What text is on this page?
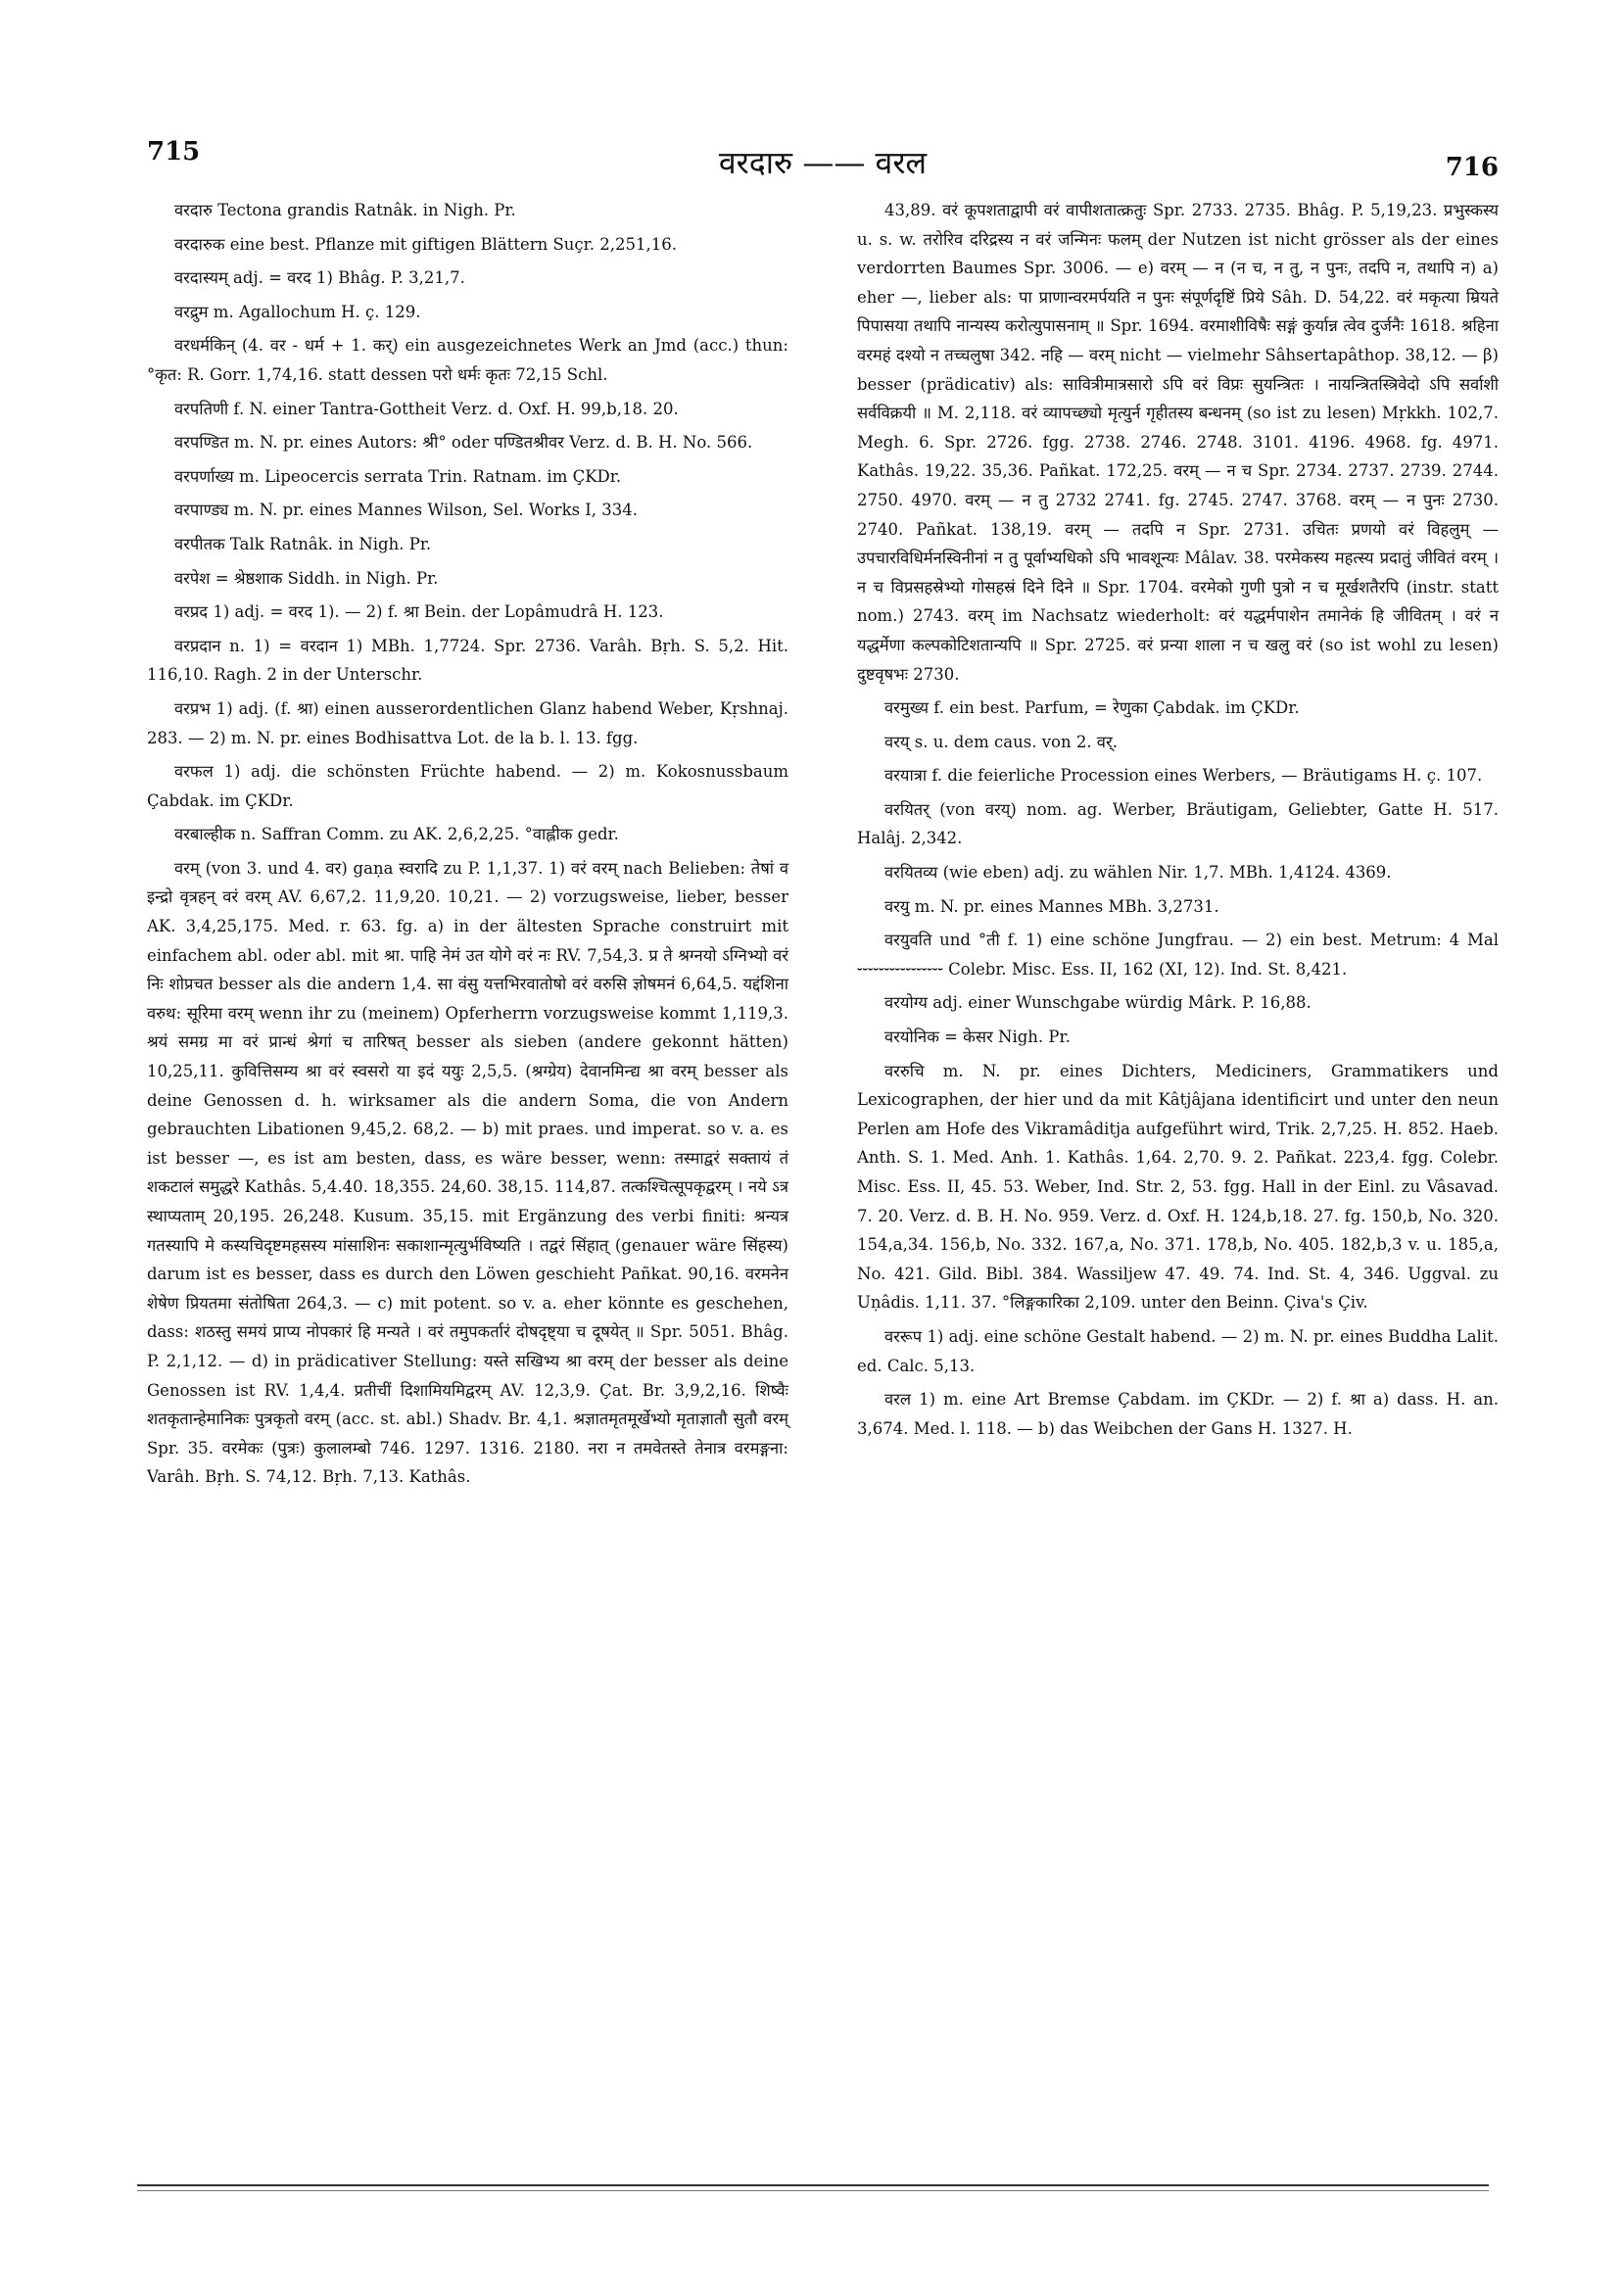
715	वरदारु —— वरल	716

वरदारु Tectona grandis Ratnâk. in Nigh. Pr.

वरदारुक eine best. Pflanze mit giftigen Blättern Suçr. 2,251,16.

वरदास्यम् adj. = वरद 1) Bhâg. P. 3,21,7.

वरद्रुम m. Agallochum H. ç. 129.

वरधर्मकिन् (4. वर - धर्म + 1. कर्) ein ausgezeichnetes Werk an Jmd (acc.) thun: °कृत: R. Gorr. 1,74,16. statt dessen परो धर्मः कृतः 72,15 Schl.

वरपतिणी f. N. einer Tantra-Gottheit Verz. d. Oxf. H. 99,b,18. 20.

वरपण्डित m. N. pr. eines Autors: श्री° oder पण्डितश्रीवर Verz. d. B. H. No. 566.

वरपर्णाख्य m. Lipeocercis serrata Trin. Ratnam. im ÇKDr.

वरपाण्ड्य m. N. pr. eines Mannes Wilson, Sel. Works I, 334.

वरपीतक Talk Ratnâk. in Nigh. Pr.

वरपेश = श्रेष्ठशाक Siddh. in Nigh. Pr.

वरप्रद 1) adj. = वरद 1). — 2) f. श्रा Bein. der Lopâmudrâ H. 123.

वरप्रदान n. 1) = वरदान 1) MBh. 1,7724. Spr. 2736. Varâh. Bṛh. S. 5,2. Hit. 116,10. Ragh. 2 in der Unterschr.

वरप्रभ 1) adj. (f. श्रा) einen ausserordentlichen Glanz habend Weber, Kṛshnaj. 283. — 2) m. N. pr. eines Bodhisattva Lot. de la b. l. 13. fgg.

वरफल 1) adj. die schönsten Früchte habend. — 2) m. Kokosnussbaum Çabdak. im ÇKDr.

वरबाल्हीक n. Saffran Comm. zu AK. 2,6,2,25. °वाह्लीक gedr.

वरम् (von 3. und 4. वर) gaṇa स्वरादि zu P. 1,1,37. 1) वरं वरम् nach Belieben: तेषां व इन्द्रो वृत्रहन् वरं वरम् AV. 6,67,2. 11,9,20. 10,21. — 2) vorzugsweise, lieber, besser AK. 3,4,25,175. Med. r. 63. fg. a) in der ältesten Sprache construirt mit einfachem abl. oder abl. mit श्रा. पाहि नेमं उत योगे वरं नः RV. 7,54,3. प्र ते श्रग्नयो ऽग्निभ्यो वरं निः शोप्रचत besser als die andern 1,4. सा वंसु यत्तभिरवातोषो वरं वरुसि ज्ञोषमनं 6,64,5. यद्दंशिना वरुथ: सूरिमा वरम् wenn ihr zu (meinem) Opferherrn vorzugsweise kommt 1,119,3. श्रयं समग्र मा वरं प्रान्धं श्रेगां च तारिषत् besser als sieben (andere gekonnt hätten) 10,25,11. कुवित्तिसम्य श्रा वरं स्वसरो या इदं ययुः 2,5,5. (श्रग्ग्रेय) देवानमिन्द्य श्रा वरम् besser als deine Genossen d. h. wirksamer als die andern Soma, die von Andern gebrauchten Libationen 9,45,2. 68,2. — b) mit praes. und imperat. so v. a. es ist besser —, es ist am besten, dass, es wäre besser, wenn: तस्माद्वरं सक्तायं तं शकटालं समुद्धरे Kathâs. 5,4.40. 18,355. 24,60. 38,15. 114,87. तत्कश्चित्सूपकृद्वरम् । नये ऽत्र स्थाप्यताम् 20,195. 26,248. Kusum. 35,15. mit Ergänzung des verbi finiti: श्रन्यत्र गतस्यापि मे कस्यचिदृष्टमहसस्य मांसाशिनः सकाशान्मृत्युर्भविष्यति । तद्वरं सिंहात् (genauer wäre सिंहस्य) darum ist es besser, dass es durch den Löwen geschieht Pañkat. 90,16. वरमनेन शेषेण प्रियतमा संतोषिता 264,3. — c) mit potent. so v. a. eher könnte es geschehen, dass: शठस्तु समयं प्राप्य नोपकारं हि मन्यते । वरं तमुपकर्तारं दोषदृष्ट्या च दूषयेत् ॥ Spr. 5051. Bhâg. P. 2,1,12. — d) in prädicativer Stellung: यस्ते सखिभ्य श्रा वरम् der besser als deine Genossen ist RV. 1,4,4. प्रतीचीं दिशामियमिद्वरम् AV. 12,3,9. Çat. Br. 3,9,2,16. शिष्वैः शतकृतान्हेमानिकः पुत्रकृतो वरम् (acc. st. abl.) Shadv. Br. 4,1. श्रज्ञातमृतमूर्खेभ्यो मृताज्ञातौ सुतौ वरम् Spr. 35. वरमेकः (पुत्रः) कुलालम्बो 746. 1297. 1316. 2180. नरा न तमवेतस्ते तेनात्र वरमङ्गना: Varâh. Bṛh. S. 74,12. Bṛh. 7,13. Kathâs.

43,89. वरं कूपशताद्वापी वरं वापीशतात्क्रतुः Spr. 2733. 2735. Bhâg. P. 5,19,23. प्रभुस्कस्य u. s. w. तरोरिव दरिद्रस्य न वरं जन्मिनः फलम् der Nutzen ist nicht grösser als der eines verdorrten Baumes Spr. 3006. — e) वरम् — न (न च, न तु, न पुनः, तदपि न, तथापि न) a) eher —, lieber als: पा प्राणान्वरमर्पयति न पुनः संपूर्णदृष्टिं प्रिये Sâh. D. 54,22. वरं मकृत्या म्रियते पिपासया तथापि नान्यस्य करोत्युपासनाम् ॥ Spr. 1694. वरमाशीविषैः सङ्गं कुर्यान्न त्वेव दुर्जनैः 1618. श्रहिना वरमहं दश्यो न तच्चलुषा 342. नहि — वरम् nicht — vielmehr Sâhsertapâthop. 38,12. — β) besser (prädicativ) als: सावित्रीमात्रसारो ऽपि वरं विप्रः सुयन्त्रितः । नायन्त्रितस्त्रिवेदो ऽपि सर्वाशी सर्वविक्रयी ॥ M. 2,118. वरं व्यापच्छ्यो मृत्युर्न गृहीतस्य बन्धनम् (so ist zu lesen) Mṛkkh. 102,7. Megh. 6. Spr. 2726. fgg. 2738. 2746. 2748. 3101. 4196. 4968. fg. 4971. Kathâs. 19,22. 35,36. Pañkat. 172,25. वरम् — न च Spr. 2734. 2737. 2739. 2744. 2750. 4970. वरम् — न तु 2732 2741. fg. 2745. 2747. 3768. वरम् — न पुनः 2730. 2740. Pañkat. 138,19. वरम् — तदपि न Spr. 2731. उचितः प्रणयो वरं विहलुम् — उपचारविधिर्मनस्विनीनां न तु पूर्वाभ्यधिको ऽपि भावशून्यः Mâlav. 38. परमेकस्य महत्स्य प्रदातुं जीवितं वरम् । न च विप्रसहस्रेभ्यो गोसहस्रं दिने दिने ॥ Spr. 1704. वरमेको गुणी पुत्रो न च मूर्खशतैरपि (instr. statt nom.) 2743. वरम् im Nachsatz wiederholt: वरं यद्धर्मपाशेन तमानेकं हि जीवितम् । वरं न यद्धर्मेणा कल्पकोटिशतान्यपि ॥ Spr. 2725. वरं प्रन्या शाला न च खलु वरं (so ist wohl zu lesen) दुष्टवृषभः 2730.

वरमुख्य f. ein best. Parfum, = रेणुका Çabdak. im ÇKDr.

वरय् s. u. dem caus. von 2. वर्.

वरयात्रा f. die feierliche Procession eines Werbers, — Bräutigams H. ç. 107.

वरयितर् (von वरय्) nom. ag. Werber, Bräutigam, Geliebter, Gatte H. 517. Halâj. 2,342.

वरयितव्य (wie eben) adj. zu wählen Nir. 1,7. MBh. 1,4124. 4369.

वरयु m. N. pr. eines Mannes MBh. 3,2731.

वरयुवति und °ती f. 1) eine schöne Jungfrau. — 2) ein best. Metrum: 4 Mal ⏑⏑⏑⏑⏑⏑⏑⏑⏑⏑⏑⏑⏑⏑⏑⏑ Colebr. Misc. Ess. II, 162 (XI, 12). Ind. St. 8,421.

वरयोग्य adj. einer Wunschgabe würdig Mârk. P. 16,88.

वरयोनिक = केसर Nigh. Pr.

वररुचि m. N. pr. eines Dichters, Mediciners, Grammatikers und Lexicographen, der hier und da mit Kâtjâjana identificirt und unter den neun Perlen am Hofe des Vikramâditja aufgeführt wird, Trik. 2,7,25. H. 852. Haeb. Anth. S. 1. Med. Anh. 1. Kathâs. 1,64. 2,70. 9. 2. Pañkat. 223,4. fgg. Colebr. Misc. Ess. II, 45. 53. Weber, Ind. Str. 2, 53. fgg. Hall in der Einl. zu Vâsavad. 7. 20. Verz. d. B. H. No. 959. Verz. d. Oxf. H. 124,b,18. 27. fg. 150,b, No. 320. 154,a,34. 156,b, No. 332. 167,a, No. 371. 178,b, No. 405. 182,b,3 v. u. 185,a, No. 421. Gild. Bibl. 384. Wassiljew 47. 49. 74. Ind. St. 4, 346. Uggval. zu Uṇâdis. 1,11. 37. °लिङ्गकारिका 2,109. unter den Beinn. Çiva's Çiv.

वररूप 1) adj. eine schöne Gestalt habend. — 2) m. N. pr. eines Buddha Lalit. ed. Calc. 5,13.

वरल 1) m. eine Art Bremse Çabdam. im ÇKDr. — 2) f. श्रा a) dass. H. an. 3,674. Med. l. 118. — b) das Weibchen der Gans H. 1327. H.
